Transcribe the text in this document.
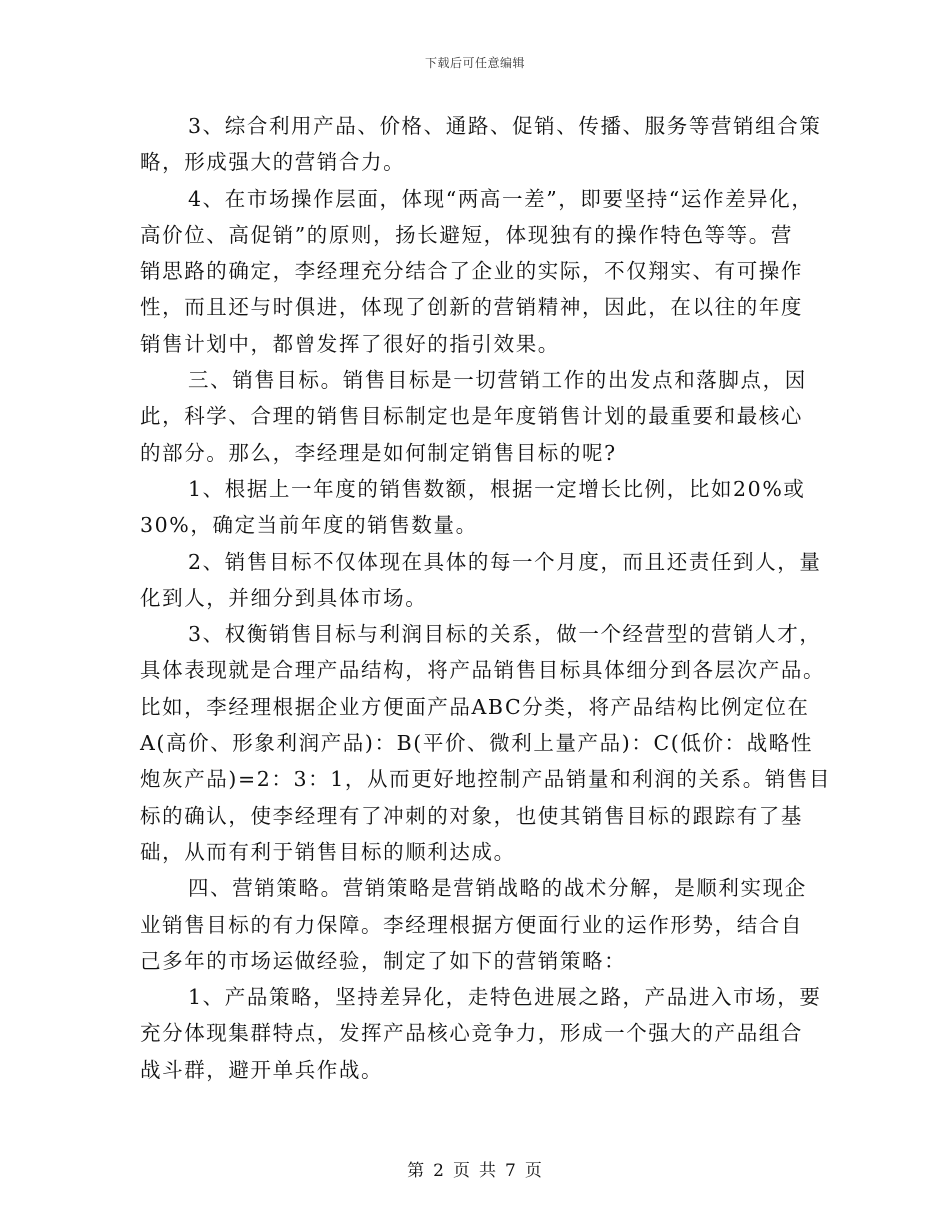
下载后可任意编辑
3、综合利用产品、价格、通路、促销、传播、服务等营销组合策
略，形成强大的营销合力。
4、在市场操作层面，体现“两高一差”，即要坚持“运作差异化，
高价位、高促销”的原则，扬长避短，体现独有的操作特色等等。营
销思路的确定，李经理充分结合了企业的实际，不仅翔实、有可操作
性，而且还与时俱进，体现了创新的营销精神，因此，在以往的年度
销售计划中，都曾发挥了很好的指引效果。
三、销售目标。销售目标是一切营销工作的出发点和落脚点，因
此，科学、合理的销售目标制定也是年度销售计划的最重要和最核心
的部分。那么，李经理是如何制定销售目标的呢?
1、根据上一年度的销售数额，根据一定增长比例，比如20%或
30%，确定当前年度的销售数量。
2、销售目标不仅体现在具体的每一个月度，而且还责任到人，量
化到人，并细分到具体市场。
3、权衡销售目标与利润目标的关系，做一个经营型的营销人才，
具体表现就是合理产品结构，将产品销售目标具体细分到各层次产品。
比如，李经理根据企业方便面产品ABC分类，将产品结构比例定位在
A(高价、形象利润产品)：B(平价、微利上量产品)：C(低价：战略性
炮灰产品)=2：3：1，从而更好地控制产品销量和利润的关系。销售目
标的确认，使李经理有了冲刺的对象，也使其销售目标的跟踪有了基
础，从而有利于销售目标的顺利达成。
四、营销策略。营销策略是营销战略的战术分解，是顺利实现企
业销售目标的有力保障。李经理根据方便面行业的运作形势，结合自
己多年的市场运做经验，制定了如下的营销策略：
1、产品策略，坚持差异化，走特色进展之路，产品进入市场，要
充分体现集群特点，发挥产品核心竞争力，形成一个强大的产品组合
战斗群，避开单兵作战。
第 2 页 共 7 页
